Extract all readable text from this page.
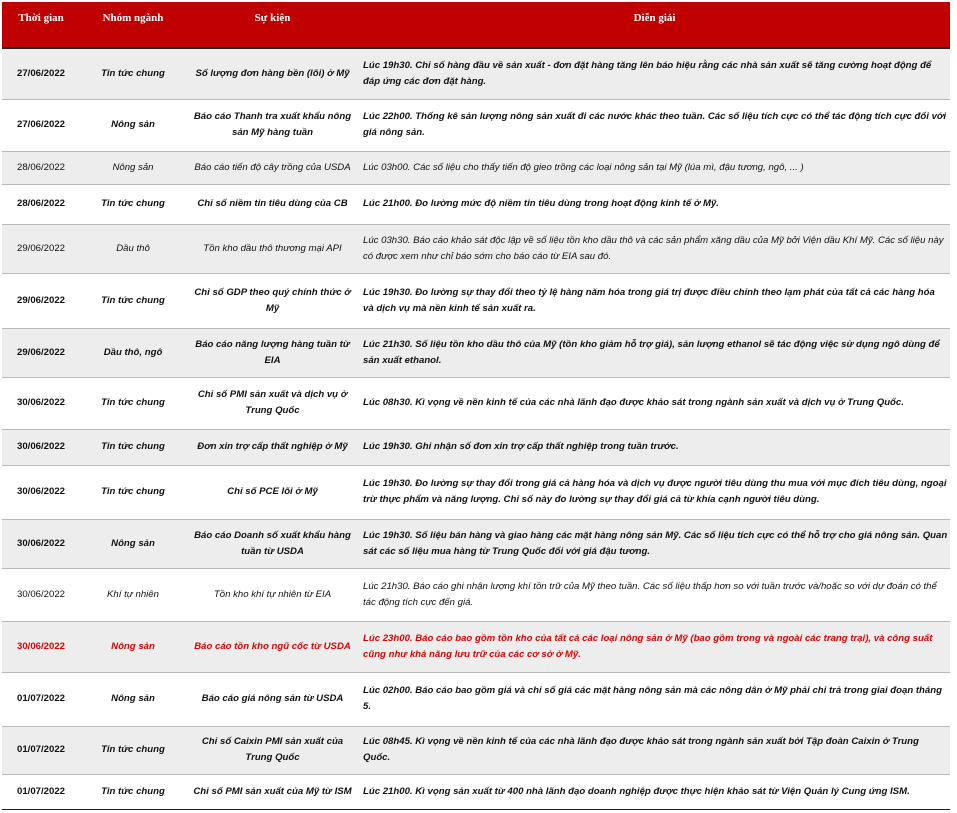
Thời gian	Nhóm ngành	Sự kiện	Diễn giải
27/06/2022	Tin tức chung	Số lượng đơn hàng bền (lõi) ở Mỹ	Lúc 19h30. Chỉ số hàng đầu về sản xuất - đơn đặt hàng tăng lên báo hiệu rằng các nhà sản xuất sẽ tăng cường hoạt động để đáp ứng các đơn đặt hàng.
27/06/2022	Nông sản	Báo cáo Thanh tra xuất khẩu nông sản Mỹ hàng tuần	Lúc 22h00. Thống kê sản lượng nông sản xuất đi các nước khác theo tuần. Các số liệu tích cực có thể tác động tích cực đối với giá nông sản.
28/06/2022	Nông sản	Báo cáo tiến độ cây trồng của USDA	Lúc 03h00. Các số liệu cho thấy tiến độ gieo trồng các loại nông sản tại Mỹ (lúa mì, đậu tương, ngô, ... )
28/06/2022	Tin tức chung	Chỉ số niềm tin tiêu dùng của CB	Lúc 21h00. Đo lường mức độ niềm tin tiêu dùng trong hoạt động kinh tế ở Mỹ.
29/06/2022	Dầu thô	Tồn kho dầu thô thương mại API	Lúc 03h30. Báo cáo khảo sát độc lập về số liệu tồn kho dầu thô và các sản phẩm xăng dầu của Mỹ bởi Viện dầu Khí Mỹ. Các số liệu này có được xem như chỉ báo sớm cho báo cáo từ EIA sau đó.
29/06/2022	Tin tức chung	Chỉ số GDP theo quý chính thức ở Mỹ	Lúc 19h30. Đo lường sự thay đổi theo tỷ lệ hàng năm hóa trong giá trị được điều chỉnh theo lạm phát của tất cả các hàng hóa và dịch vụ mà nền kinh tế sản xuất ra.
29/06/2022	Dầu thô, ngô	Báo cáo năng lượng hàng tuần từ EIA	Lúc 21h30. Số liệu tồn kho dầu thô của Mỹ (tồn kho giảm hỗ trợ giá), sản lượng ethanol sẽ tác động việc sử dụng ngô dùng để sản xuất ethanol.
30/06/2022	Tin tức chung	Chỉ số PMI sản xuất và dịch vụ ở Trung Quốc	Lúc 08h30. Kì vọng về nền kinh tế của các nhà lãnh đạo được khảo sát trong ngành sản xuất và dịch vụ ở Trung Quốc.
30/06/2022	Tin tức chung	Đơn xin trợ cấp thất nghiệp ở Mỹ	Lúc 19h30. Ghi nhận số đơn xin trợ cấp thất nghiệp trong tuần trước.
30/06/2022	Tin tức chung	Chỉ số PCE lõi ở Mỹ	Lúc 19h30. Đo lường sự thay đổi trong giá cả hàng hóa và dịch vụ được người tiêu dùng thu mua với mục đích tiêu dùng, ngoại trừ thực phẩm và năng lượng. Chỉ số này đo lường sự thay đổi giá cả từ khía cạnh người tiêu dùng.
30/06/2022	Nông sản	Báo cáo Doanh số xuất khẩu hàng tuần từ USDA	Lúc 19h30. Số liệu bán hàng và giao hàng các mặt hàng nông sản Mỹ. Các số liệu tích cực có thể hỗ trợ cho giá nông sản. Quan sát các số liệu mua hàng từ Trung Quốc đối với giá đậu tương.
30/06/2022	Khí tự nhiên	Tồn kho khí tự nhiên từ EIA	Lúc 21h30. Báo cáo ghi nhận lượng khí tồn trữ của Mỹ theo tuần. Các số liệu thấp hơn so với tuần trước và/hoặc so với dự đoán có thể tác động tích cực đến giá.
30/06/2022	Nông sản	Báo cáo tồn kho ngũ cốc từ USDA	Lúc 23h00. Báo cáo bao gồm tồn kho của tất cả các loại nông sản ở Mỹ (bao gồm trong và ngoài các trang trại), và công suất cũng như khả năng lưu trữ của các cơ sở ở Mỹ.
01/07/2022	Nông sản	Báo cáo giá nông sản từ USDA	Lúc 02h00. Báo cáo bao gồm giá và chỉ số giá các mặt hàng nông sản mà các nông dân ở Mỹ phải chi trả trong giai đoạn tháng 5.
01/07/2022	Tin tức chung	Chỉ số Caixin PMI sản xuất của Trung Quốc	Lúc 08h45. Kì vọng về nền kinh tế của các nhà lãnh đạo được khảo sát trong ngành sản xuất bởi Tập đoàn Caixin ở Trung Quốc.
01/07/2022	Tin tức chung	Chỉ số PMI sản xuất của Mỹ từ ISM	Lúc 21h00. Kì vọng sản xuất từ 400 nhà lãnh đạo doanh nghiệp được thực hiện khảo sát từ Viện Quản lý Cung ứng ISM.
